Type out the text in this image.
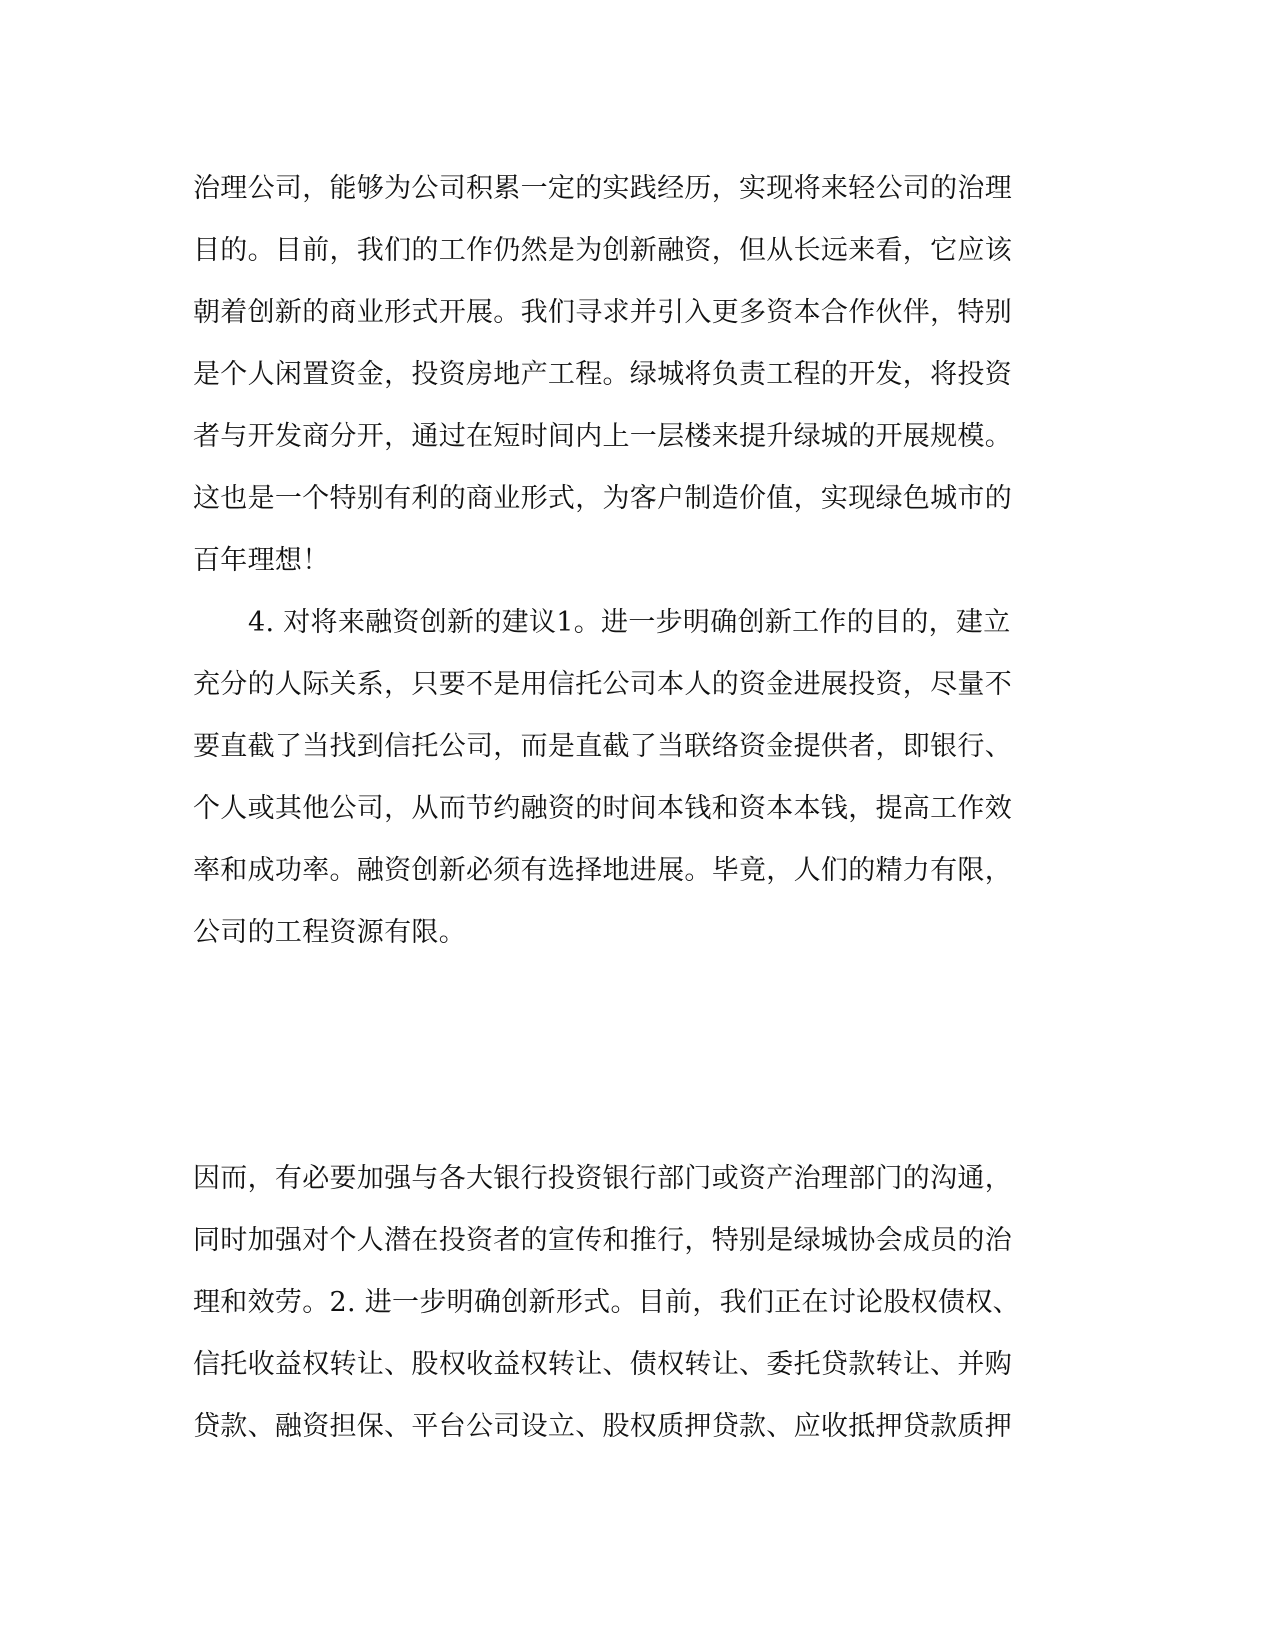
治理公司，能够为公司积累一定的实践经历，实现将来轻公司的治理

目的。目前，我们的工作仍然是为创新融资，但从长远来看，它应该

朝着创新的商业形式开展。我们寻求并引入更多资本合作伙伴，特别

是个人闲置资金，投资房地产工程。绿城将负责工程的开发，将投资

者与开发商分开，通过在短时间内上一层楼来提升绿城的开展规模。

这也是一个特别有利的商业形式，为客户制造价值，实现绿色城市的

百年理想！

4. 对将来融资创新的建议1。进一步明确创新工作的目的，建立

充分的人际关系，只要不是用信托公司本人的资金进展投资，尽量不

要直截了当找到信托公司，而是直截了当联络资金提供者，即银行、

个人或其他公司，从而节约融资的时间本钱和资本本钱，提高工作效

率和成功率。融资创新必须有选择地进展。毕竟，人们的精力有限，

公司的工程资源有限。

因而，有必要加强与各大银行投资银行部门或资产治理部门的沟通，

同时加强对个人潜在投资者的宣传和推行，特别是绿城协会成员的治

理和效劳。2. 进一步明确创新形式。目前，我们正在讨论股权债权、

信托收益权转让、股权收益权转让、债权转让、委托贷款转让、并购

贷款、融资担保、平台公司设立、股权质押贷款、应收抵押贷款质押
